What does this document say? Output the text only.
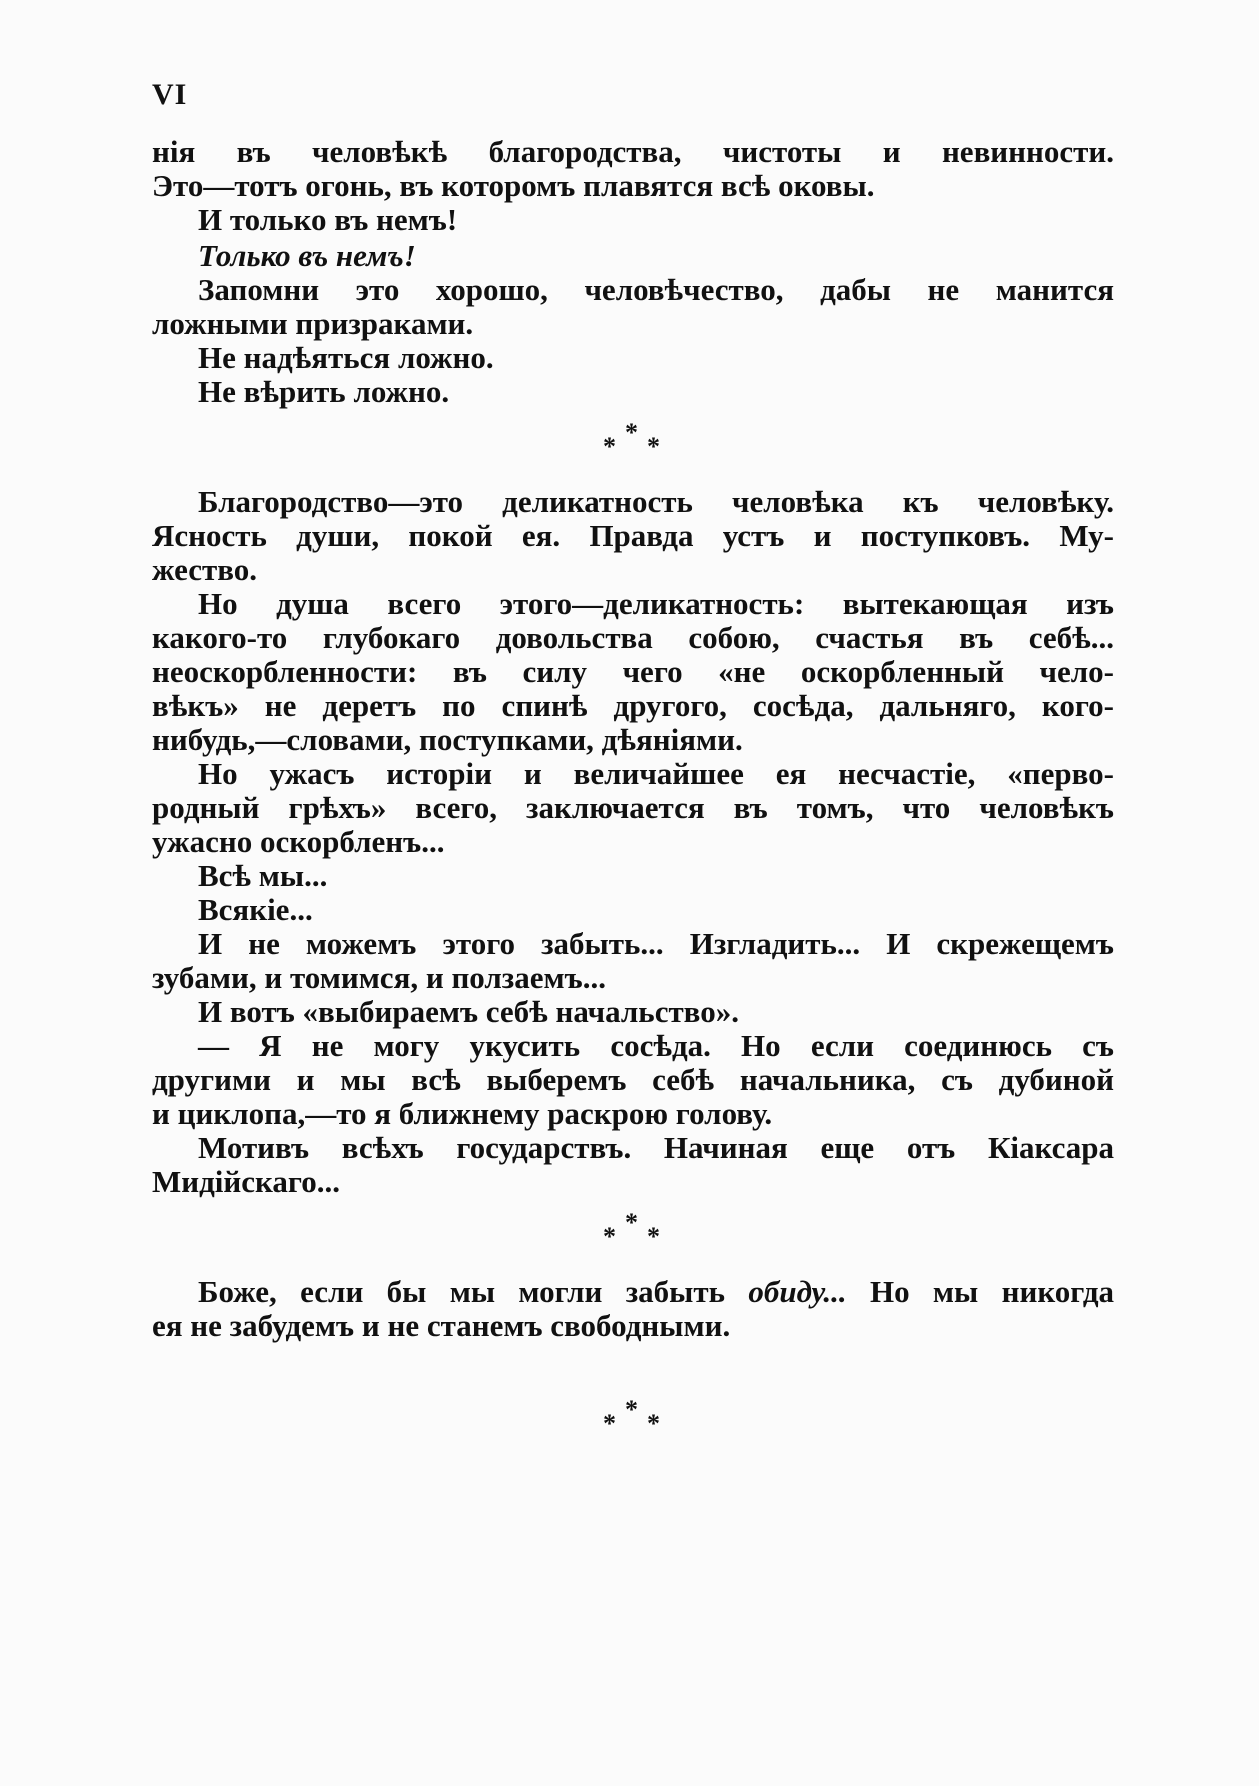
VI
нія въ человѣкѣ благородства, чистоты и невинности.
Это—тотъ огонь, въ которомъ плавятся всѣ оковы.
И только въ немъ!
Только въ немъ!
Запомни это хорошо, человѣчество, дабы не манится
ложными призраками.
Не надѣяться ложно.
Не вѣрить ложно.
* * *
Благородство—это деликатность человѣка къ человѣку.
Ясность души, покой ея. Правда устъ и поступковъ. Му-
жество.
Но душа всего этого—деликатность: вытекающая изъ
какого-то глубокаго довольства собою, счастья въ себѣ...
неоскорбленности: въ силу чего «не оскорбленный чело-
вѣкъ» не деретъ по спинѣ другого, сосѣда, дальняго, кого-
нибудь,—словами, поступками, дѣяніями.
Но ужасъ исторіи и величайшее ея несчастіе, «перво-
родный грѣхъ» всего, заключается въ томъ, что человѣкъ
ужасно оскорбленъ...
Всѣ мы...
Всякіе...
И не можемъ этого забыть... Изгладить... И скрежещемъ
зубами, и томимся, и ползаемъ...
И вотъ «выбираемъ себѣ начальство».
— Я не могу укусить сосѣда. Но если соединюсь съ
другими и мы всѣ выберемъ себѣ начальника, съ дубиной
и циклопа,—то я ближнему раскрою голову.
Мотивъ всѣхъ государствъ. Начиная еще отъ Кіаксара
Мидійскаго...
* * *
Боже, если бы мы могли забыть обиду... Но мы никогда
ея не забудемъ и не станемъ свободными.
* * *
